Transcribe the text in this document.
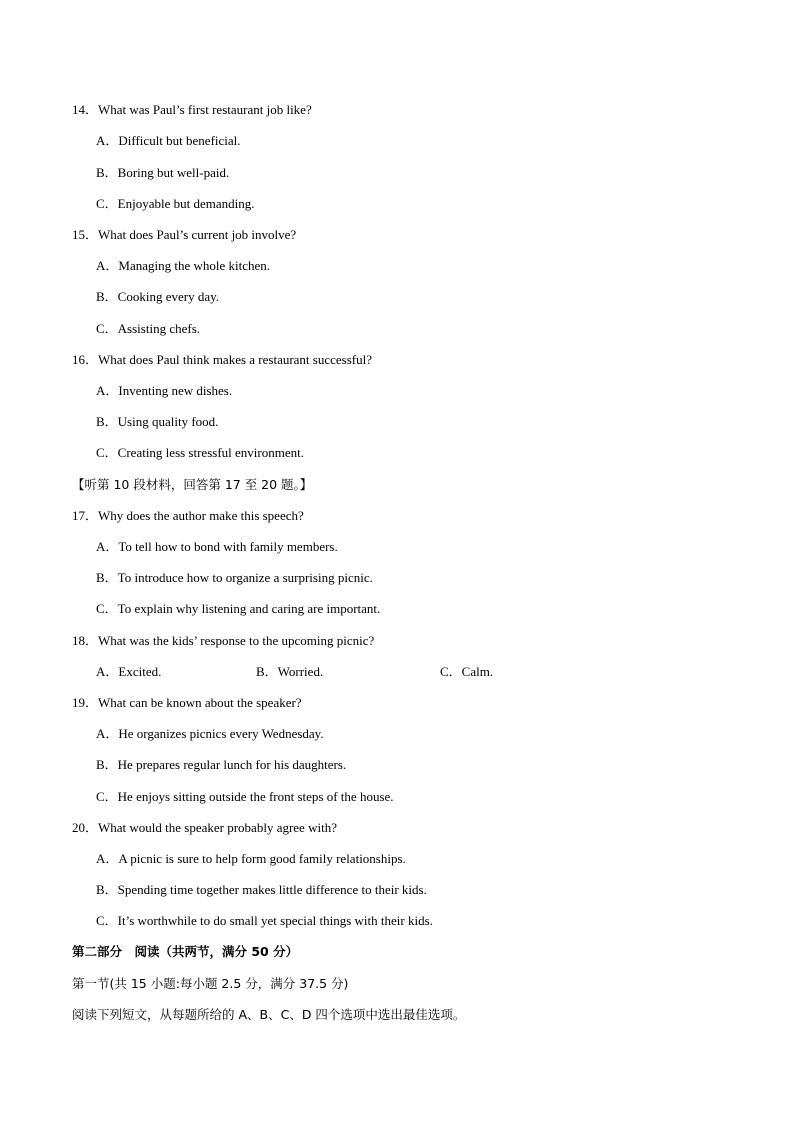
14．What was Paul’s first restaurant job like?
A．Difficult but beneficial.
B．Boring but well-paid.
C．Enjoyable but demanding.
15．What does Paul’s current job involve?
A．Managing the whole kitchen.
B．Cooking every day.
C．Assisting chefs.
16．What does Paul think makes a restaurant successful?
A．Inventing new dishes.
B．Using quality food.
C．Creating less stressful environment.
【听第 10 段材料，回答第 17 至 20 题。】
17．Why does the author make this speech?
A．To tell how to bond with family members.
B．To introduce how to organize a surprising picnic.
C．To explain why listening and caring are important.
18．What was the kids’ response to the upcoming picnic?
A．Excited.	B．Worried.	C．Calm.
19．What can be known about the speaker?
A．He organizes picnics every Wednesday.
B．He prepares regular lunch for his daughters.
C．He enjoys sitting outside the front steps of the house.
20．What would the speaker probably agree with?
A．A picnic is sure to help form good family relationships.
B．Spending time together makes little difference to their kids.
C．It’s worthwhile to do small yet special things with their kids.
第二部分　阅读（共两节，满分 50 分）
第一节(共 15 小题:每小题 2.5 分，满分 37.5 分)
阅读下列短文，从每题所给的 A、B、C、D 四个选项中选出最佳选项。
